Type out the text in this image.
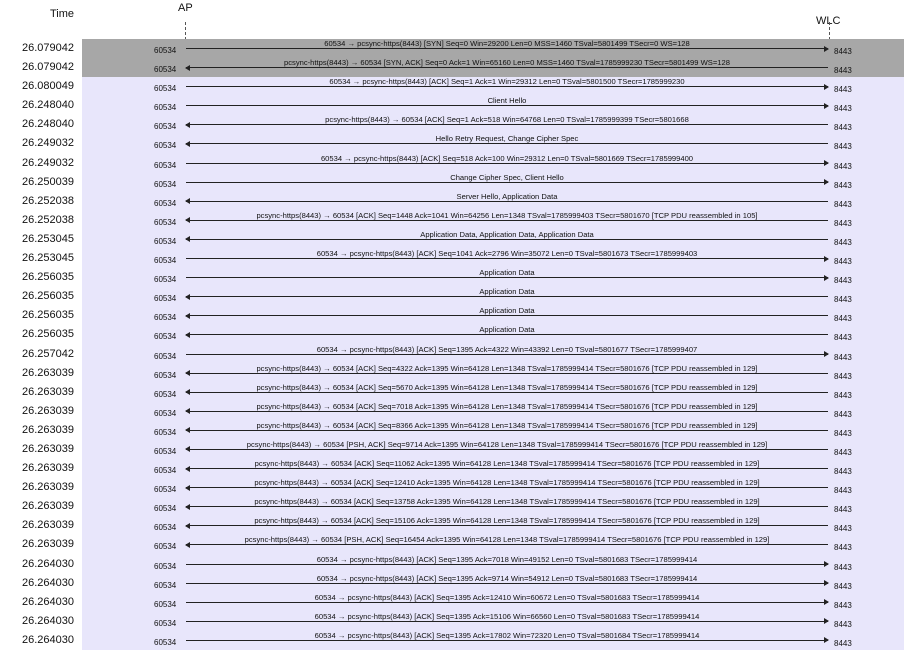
Time	AP
WLC
26.079042	60534
60534 → pcsync-https(8443) [SYN] Seq=0 Win=29200 Len=0 MSS=1460 TSval=5801499 TSecr=0 WS=128
8443
26.079042	60534
pcsync-https(8443) → 60534 [SYN, ACK] Seq=0 Ack=1 Win=65160 Len=0 MSS=1460 TSval=1785999230 TSecr=5801499 WS=128
8443
26.080049	60534
60534 → pcsync-https(8443) [ACK] Seq=1 Ack=1 Win=29312 Len=0 TSval=5801500 TSecr=1785999230
8443
26.248040	60534
Client Hello
8443
26.248040	60534
pcsync-https(8443) → 60534 [ACK] Seq=1 Ack=518 Win=64768 Len=0 TSval=1785999399 TSecr=5801668
8443
26.249032	60534
Hello Retry Request, Change Cipher Spec
8443
26.249032	60534
60534 → pcsync-https(8443) [ACK] Seq=518 Ack=100 Win=29312 Len=0 TSval=5801669 TSecr=1785999400
8443
26.250039	60534
Change Cipher Spec, Client Hello
8443
26.252038	60534
Server Hello, Application Data
8443
26.252038	60534
pcsync-https(8443) → 60534 [ACK] Seq=1448 Ack=1041 Win=64256 Len=1348 TSval=1785999403 TSecr=5801670 [TCP PDU reassembled in 105]
8443
26.253045	60534
Application Data, Application Data, Application Data
8443
26.253045	60534
60534 → pcsync-https(8443) [ACK] Seq=1041 Ack=2796 Win=35072 Len=0 TSval=5801673 TSecr=1785999403
8443
26.256035	60534
Application Data
8443
26.256035	60534
Application Data
8443
26.256035	60534
Application Data
8443
26.256035	60534
Application Data
8443
26.257042	60534
60534 → pcsync-https(8443) [ACK] Seq=1395 Ack=4322 Win=43392 Len=0 TSval=5801677 TSecr=1785999407
8443
26.263039	60534
pcsync-https(8443) → 60534 [ACK] Seq=4322 Ack=1395 Win=64128 Len=1348 TSval=1785999414 TSecr=5801676 [TCP PDU reassembled in 129]
8443
26.263039	60534
pcsync-https(8443) → 60534 [ACK] Seq=5670 Ack=1395 Win=64128 Len=1348 TSval=1785999414 TSecr=5801676 [TCP PDU reassembled in 129]
8443
26.263039	60534
pcsync-https(8443) → 60534 [ACK] Seq=7018 Ack=1395 Win=64128 Len=1348 TSval=1785999414 TSecr=5801676 [TCP PDU reassembled in 129]
8443
26.263039	60534
pcsync-https(8443) → 60534 [ACK] Seq=8366 Ack=1395 Win=64128 Len=1348 TSval=1785999414 TSecr=5801676 [TCP PDU reassembled in 129]
8443
26.263039	60534
pcsync-https(8443) → 60534 [PSH, ACK] Seq=9714 Ack=1395 Win=64128 Len=1348 TSval=1785999414 TSecr=5801676 [TCP PDU reassembled in 129]
8443
26.263039	60534
pcsync-https(8443) → 60534 [ACK] Seq=11062 Ack=1395 Win=64128 Len=1348 TSval=1785999414 TSecr=5801676 [TCP PDU reassembled in 129]
8443
26.263039	60534
pcsync-https(8443) → 60534 [ACK] Seq=12410 Ack=1395 Win=64128 Len=1348 TSval=1785999414 TSecr=5801676 [TCP PDU reassembled in 129]
8443
26.263039	60534
pcsync-https(8443) → 60534 [ACK] Seq=13758 Ack=1395 Win=64128 Len=1348 TSval=1785999414 TSecr=5801676 [TCP PDU reassembled in 129]
8443
26.263039	60534
pcsync-https(8443) → 60534 [ACK] Seq=15106 Ack=1395 Win=64128 Len=1348 TSval=1785999414 TSecr=5801676 [TCP PDU reassembled in 129]
8443
26.263039	60534
pcsync-https(8443) → 60534 [PSH, ACK] Seq=16454 Ack=1395 Win=64128 Len=1348 TSval=1785999414 TSecr=5801676 [TCP PDU reassembled in 129]
8443
26.264030	60534
60534 → pcsync-https(8443) [ACK] Seq=1395 Ack=7018 Win=49152 Len=0 TSval=5801683 TSecr=1785999414
8443
26.264030	60534
60534 → pcsync-https(8443) [ACK] Seq=1395 Ack=9714 Win=54912 Len=0 TSval=5801683 TSecr=1785999414
8443
26.264030	60534
60534 → pcsync-https(8443) [ACK] Seq=1395 Ack=12410 Win=60672 Len=0 TSval=5801683 TSecr=1785999414
8443
26.264030	60534
60534 → pcsync-https(8443) [ACK] Seq=1395 Ack=15106 Win=66560 Len=0 TSval=5801683 TSecr=1785999414
8443
26.264030	60534
60534 → pcsync-https(8443) [ACK] Seq=1395 Ack=17802 Win=72320 Len=0 TSval=5801684 TSecr=1785999414
8443
